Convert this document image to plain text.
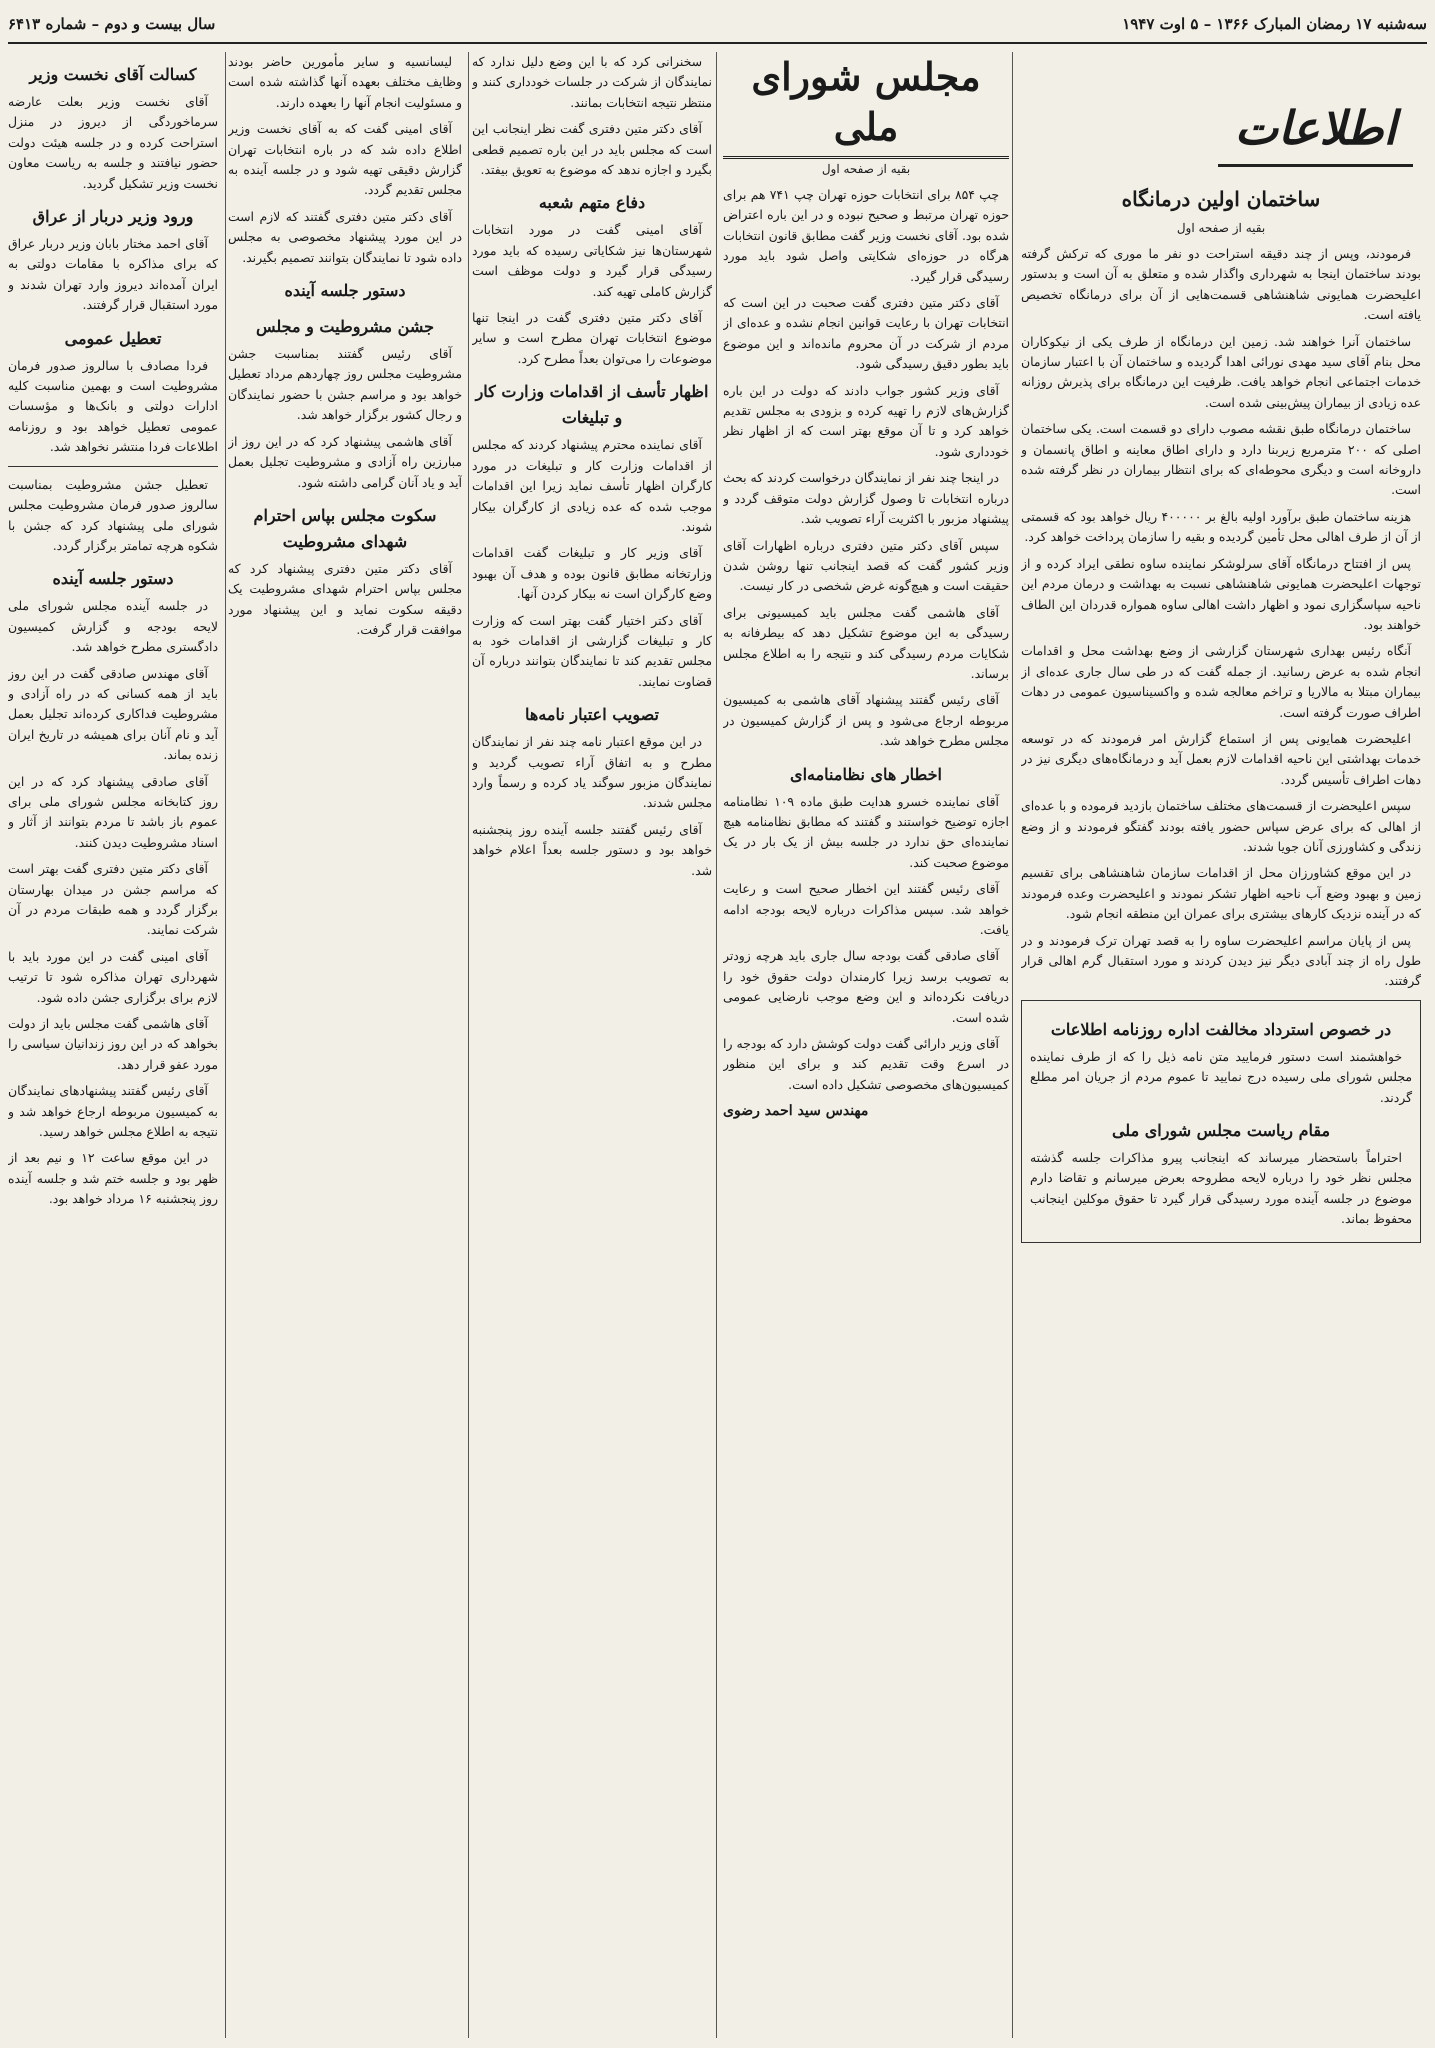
سه‌شنبه ۱۷ رمضان المبارک ۱۳۶۶ – ۵ اوت ۱۹۴۷
سال بیست و دوم – شماره ۶۴۱۳
اطلاعات
ساختمان اولین درمانگاه
بقیه از صفحه اول

فرمودند، وپس از چند دقیقه استراحت دو نفر ما موری که ترکش گرفته بودند ساختمان اینجا به شهرداری واگذار شده و متعلق به آن است و بدستور اعلیحضرت همایونی شاهنشاهی قسمت‌هایی از آن برای درمانگاه تخصیص یافته است.

ساختمان آنرا خواهند شد. زمین این درمانگاه از طرف یکی از نیکوکاران محل بنام آقای سید مهدی نورائی اهدا گردیده و ساختمان آن با اعتبار سازمان خدمات اجتماعی انجام خواهد یافت. ظرفیت این درمانگاه برای پذیرش روزانه عده زیادی از بیماران پیش‌بینی شده است.

ساختمان درمانگاه طبق نقشه مصوب دارای دو قسمت است. یکی ساختمان اصلی که ۲۰۰ مترمربع زیربنا دارد و دارای اطاق معاینه و اطاق پانسمان و داروخانه است و دیگری محوطه‌ای که برای انتظار بیماران در نظر گرفته شده است.

هزینه ساختمان طبق برآورد اولیه بالغ بر ۴۰۰۰۰۰ ریال خواهد بود که قسمتی از آن از طرف اهالی محل تأمین گردیده و بقیه را سازمان پرداخت خواهد کرد.

پس از افتتاح درمانگاه آقای سرلوشکر نماینده ساوه نطقی ایراد کرده و از توجهات اعلیحضرت همایونی شاهنشاهی نسبت به بهداشت و درمان مردم این ناحیه سپاسگزاری نمود و اظهار داشت اهالی ساوه همواره قدردان این الطاف خواهند بود.

آنگاه رئیس بهداری شهرستان گزارشی از وضع بهداشت محل و اقدامات انجام شده به عرض رسانید. از جمله گفت که در طی سال جاری عده‌ای از بیماران مبتلا به مالاریا و تراخم معالجه شده و واکسیناسیون عمومی در دهات اطراف صورت گرفته است.

اعلیحضرت همایونی پس از استماع گزارش امر فرمودند که در توسعه خدمات بهداشتی این ناحیه اقدامات لازم بعمل آید و درمانگاه‌های دیگری نیز در دهات اطراف تأسیس گردد.

سپس اعلیحضرت از قسمت‌های مختلف ساختمان بازدید فرموده و با عده‌ای از اهالی که برای عرض سپاس حضور یافته بودند گفتگو فرمودند و از وضع زندگی و کشاورزی آنان جویا شدند.

در این موقع کشاورزان محل از اقدامات سازمان شاهنشاهی برای تقسیم زمین و بهبود وضع آب ناحیه اظهار تشکر نمودند و اعلیحضرت وعده فرمودند که در آینده نزدیک کارهای بیشتری برای عمران این منطقه انجام شود.

پس از پایان مراسم اعلیحضرت ساوه را به قصد تهران ترک فرمودند و در طول راه از چند آبادی دیگر نیز دیدن کردند و مورد استقبال گرم اهالی قرار گرفتند.

در خصوص استرداد مخالفت اداره روزنامه اطلاعات

خواهشمند است دستور فرمایید متن نامه ذیل را که از طرف نماینده مجلس شورای ملی رسیده درج نمایید تا عموم مردم از جریان امر مطلع گردند.

مقام ریاست مجلس شورای ملی

احتراماً باستحضار میرساند که اینجانب پیرو مذاکرات جلسه گذشته مجلس نظر خود را درباره لایحه مطروحه بعرض میرسانم و تقاضا دارم موضوع در جلسه آینده مورد رسیدگی قرار گیرد تا حقوق موکلین اینجانب محفوظ بماند.

مجلس شورای ملی
بقیه از صفحه اول

چپ ۸۵۴ برای انتخابات حوزه تهران چپ ۷۴۱ هم برای حوزه تهران مرتبط و صحیح نبوده و در این باره اعتراض شده بود. آقای نخست وزیر گفت مطابق قانون انتخابات هرگاه در حوزه‌ای شکایتی واصل شود باید مورد رسیدگی قرار گیرد.

آقای دکتر متین دفتری گفت صحبت در این است که انتخابات تهران با رعایت قوانین انجام نشده و عده‌ای از مردم از شرکت در آن محروم مانده‌اند و این موضوع باید بطور دقیق رسیدگی شود.

آقای وزیر کشور جواب دادند که دولت در این باره گزارش‌های لازم را تهیه کرده و بزودی به مجلس تقدیم خواهد کرد و تا آن موقع بهتر است که از اظهار نظر خودداری شود.

در اینجا چند نفر از نمایندگان درخواست کردند که بحث درباره انتخابات تا وصول گزارش دولت متوقف گردد و پیشنهاد مزبور با اکثریت آراء تصویب شد.

سپس آقای دکتر متین دفتری درباره اظهارات آقای وزیر کشور گفت که قصد اینجانب تنها روشن شدن حقیقت است و هیچ‌گونه غرض شخصی در کار نیست.

آقای هاشمی گفت مجلس باید کمیسیونی برای رسیدگی به این موضوع تشکیل دهد که بیطرفانه به شکایات مردم رسیدگی کند و نتیجه را به اطلاع مجلس برساند.

آقای رئیس گفتند پیشنهاد آقای هاشمی به کمیسیون مربوطه ارجاع می‌شود و پس از گزارش کمیسیون در مجلس مطرح خواهد شد.

اخطار های نظامنامه‌ای

آقای نماینده خسرو هدایت طبق ماده ۱۰۹ نظامنامه اجازه توضیح خواستند و گفتند که مطابق نظامنامه هیچ نماینده‌ای حق ندارد در جلسه بیش از یک بار در یک موضوع صحبت کند.

آقای رئیس گفتند این اخطار صحیح است و رعایت خواهد شد. سپس مذاکرات درباره لایحه بودجه ادامه یافت.

آقای صادقی گفت بودجه سال جاری باید هرچه زودتر به تصویب برسد زیرا کارمندان دولت حقوق خود را دریافت نکرده‌اند و این وضع موجب نارضایی عمومی شده است.

آقای وزیر دارائی گفت دولت کوشش دارد که بودجه را در اسرع وقت تقدیم کند و برای این منظور کمیسیون‌های مخصوصی تشکیل داده است.

مهندس سید احمد رضوی

سخنرانی کرد که با این وضع دلیل ندارد که نمایندگان از شرکت در جلسات خودداری کنند و منتظر نتیجه انتخابات بمانند.

آقای دکتر متین دفتری گفت نظر اینجانب این است که مجلس باید در این باره تصمیم قطعی بگیرد و اجازه ندهد که موضوع به تعویق بیفتد.

دفاع متهم شعبه

آقای امینی گفت در مورد انتخابات شهرستان‌ها نیز شکایاتی رسیده که باید مورد رسیدگی قرار گیرد و دولت موظف است گزارش کاملی تهیه کند.

آقای دکتر متین دفتری گفت در اینجا تنها موضوع انتخابات تهران مطرح است و سایر موضوعات را می‌توان بعداً مطرح کرد.

اظهار تأسف از اقدامات وزارت کار و تبلیغات

آقای نماینده محترم پیشنهاد کردند که مجلس از اقدامات وزارت کار و تبلیغات در مورد کارگران اظهار تأسف نماید زیرا این اقدامات موجب شده که عده زیادی از کارگران بیکار شوند.

آقای وزیر کار و تبلیغات گفت اقدامات وزارتخانه مطابق قانون بوده و هدف آن بهبود وضع کارگران است نه بیکار کردن آنها.

آقای دکتر اختیار گفت بهتر است که وزارت کار و تبلیغات گزارشی از اقدامات خود به مجلس تقدیم کند تا نمایندگان بتوانند درباره آن قضاوت نمایند.

تصویب اعتبار نامه‌ها

در این موقع اعتبار نامه چند نفر از نمایندگان مطرح و به اتفاق آراء تصویب گردید و نمایندگان مزبور سوگند یاد کرده و رسماً وارد مجلس شدند.

آقای رئیس گفتند جلسه آینده روز پنجشنبه خواهد بود و دستور جلسه بعداً اعلام خواهد شد.

لیسانسیه و سایر مأمورین حاضر بودند وظایف مختلف بعهده آنها گذاشته شده است و مسئولیت انجام آنها را بعهده دارند.

آقای امینی گفت که به آقای نخست وزیر اطلاع داده شد که در باره انتخابات تهران گزارش دقیقی تهیه شود و در جلسه آینده به مجلس تقدیم گردد.

آقای دکتر متین دفتری گفتند که لازم است در این مورد پیشنهاد مخصوصی به مجلس داده شود تا نمایندگان بتوانند تصمیم بگیرند.

دستور جلسه آینده
جشن مشروطیت و مجلس

آقای رئیس گفتند بمناسبت جشن مشروطیت مجلس روز چهاردهم مرداد تعطیل خواهد بود و مراسم جشن با حضور نمایندگان و رجال کشور برگزار خواهد شد.

آقای هاشمی پیشنهاد کرد که در این روز از مبارزین راه آزادی و مشروطیت تجلیل بعمل آید و یاد آنان گرامی داشته شود.

سکوت مجلس بپاس احترام شهدای مشروطیت

آقای دکتر متین دفتری پیشنهاد کرد که مجلس بپاس احترام شهدای مشروطیت یک دقیقه سکوت نماید و این پیشنهاد مورد موافقت قرار گرفت.

کسالت آقای نخست وزیر

آقای نخست وزیر بعلت عارضه سرماخوردگی از دیروز در منزل استراحت کرده و در جلسه هیئت دولت حضور نیافتند و جلسه به ریاست معاون نخست وزیر تشکیل گردید.

ورود وزیر دربار از عراق

آقای احمد مختار بابان وزیر دربار عراق که برای مذاکره با مقامات دولتی به ایران آمده‌اند دیروز وارد تهران شدند و مورد استقبال قرار گرفتند.

تعطیل عمومی

فردا مصادف با سالروز صدور فرمان مشروطیت است و بهمین مناسبت کلیه ادارات دولتی و بانک‌ها و مؤسسات عمومی تعطیل خواهد بود و روزنامه اطلاعات فردا منتشر نخواهد شد.

تعطیل جشن مشروطیت بمناسبت سالروز صدور فرمان مشروطیت مجلس شورای ملی پیشنهاد کرد که جشن با شکوه هرچه تمامتر برگزار گردد.

دستور جلسه آینده

در جلسه آینده مجلس شورای ملی لایحه بودجه و گزارش کمیسیون دادگستری مطرح خواهد شد.

آقای مهندس صادقی گفت در این روز باید از همه کسانی که در راه آزادی و مشروطیت فداکاری کرده‌اند تجلیل بعمل آید و نام آنان برای همیشه در تاریخ ایران زنده بماند.

آقای صادقی پیشنهاد کرد که در این روز کتابخانه مجلس شورای ملی برای عموم باز باشد تا مردم بتوانند از آثار و اسناد مشروطیت دیدن کنند.

آقای دکتر متین دفتری گفت بهتر است که مراسم جشن در میدان بهارستان برگزار گردد و همه طبقات مردم در آن شرکت نمایند.

آقای امینی گفت در این مورد باید با شهرداری تهران مذاکره شود تا ترتیب لازم برای برگزاری جشن داده شود.

آقای هاشمی گفت مجلس باید از دولت بخواهد که در این روز زندانیان سیاسی را مورد عفو قرار دهد.

آقای رئیس گفتند پیشنهادهای نمایندگان به کمیسیون مربوطه ارجاع خواهد شد و نتیجه به اطلاع مجلس خواهد رسید.

در این موقع ساعت ۱۲ و نیم بعد از ظهر بود و جلسه ختم شد و جلسه آینده روز پنجشنبه ۱۶ مرداد خواهد بود.
